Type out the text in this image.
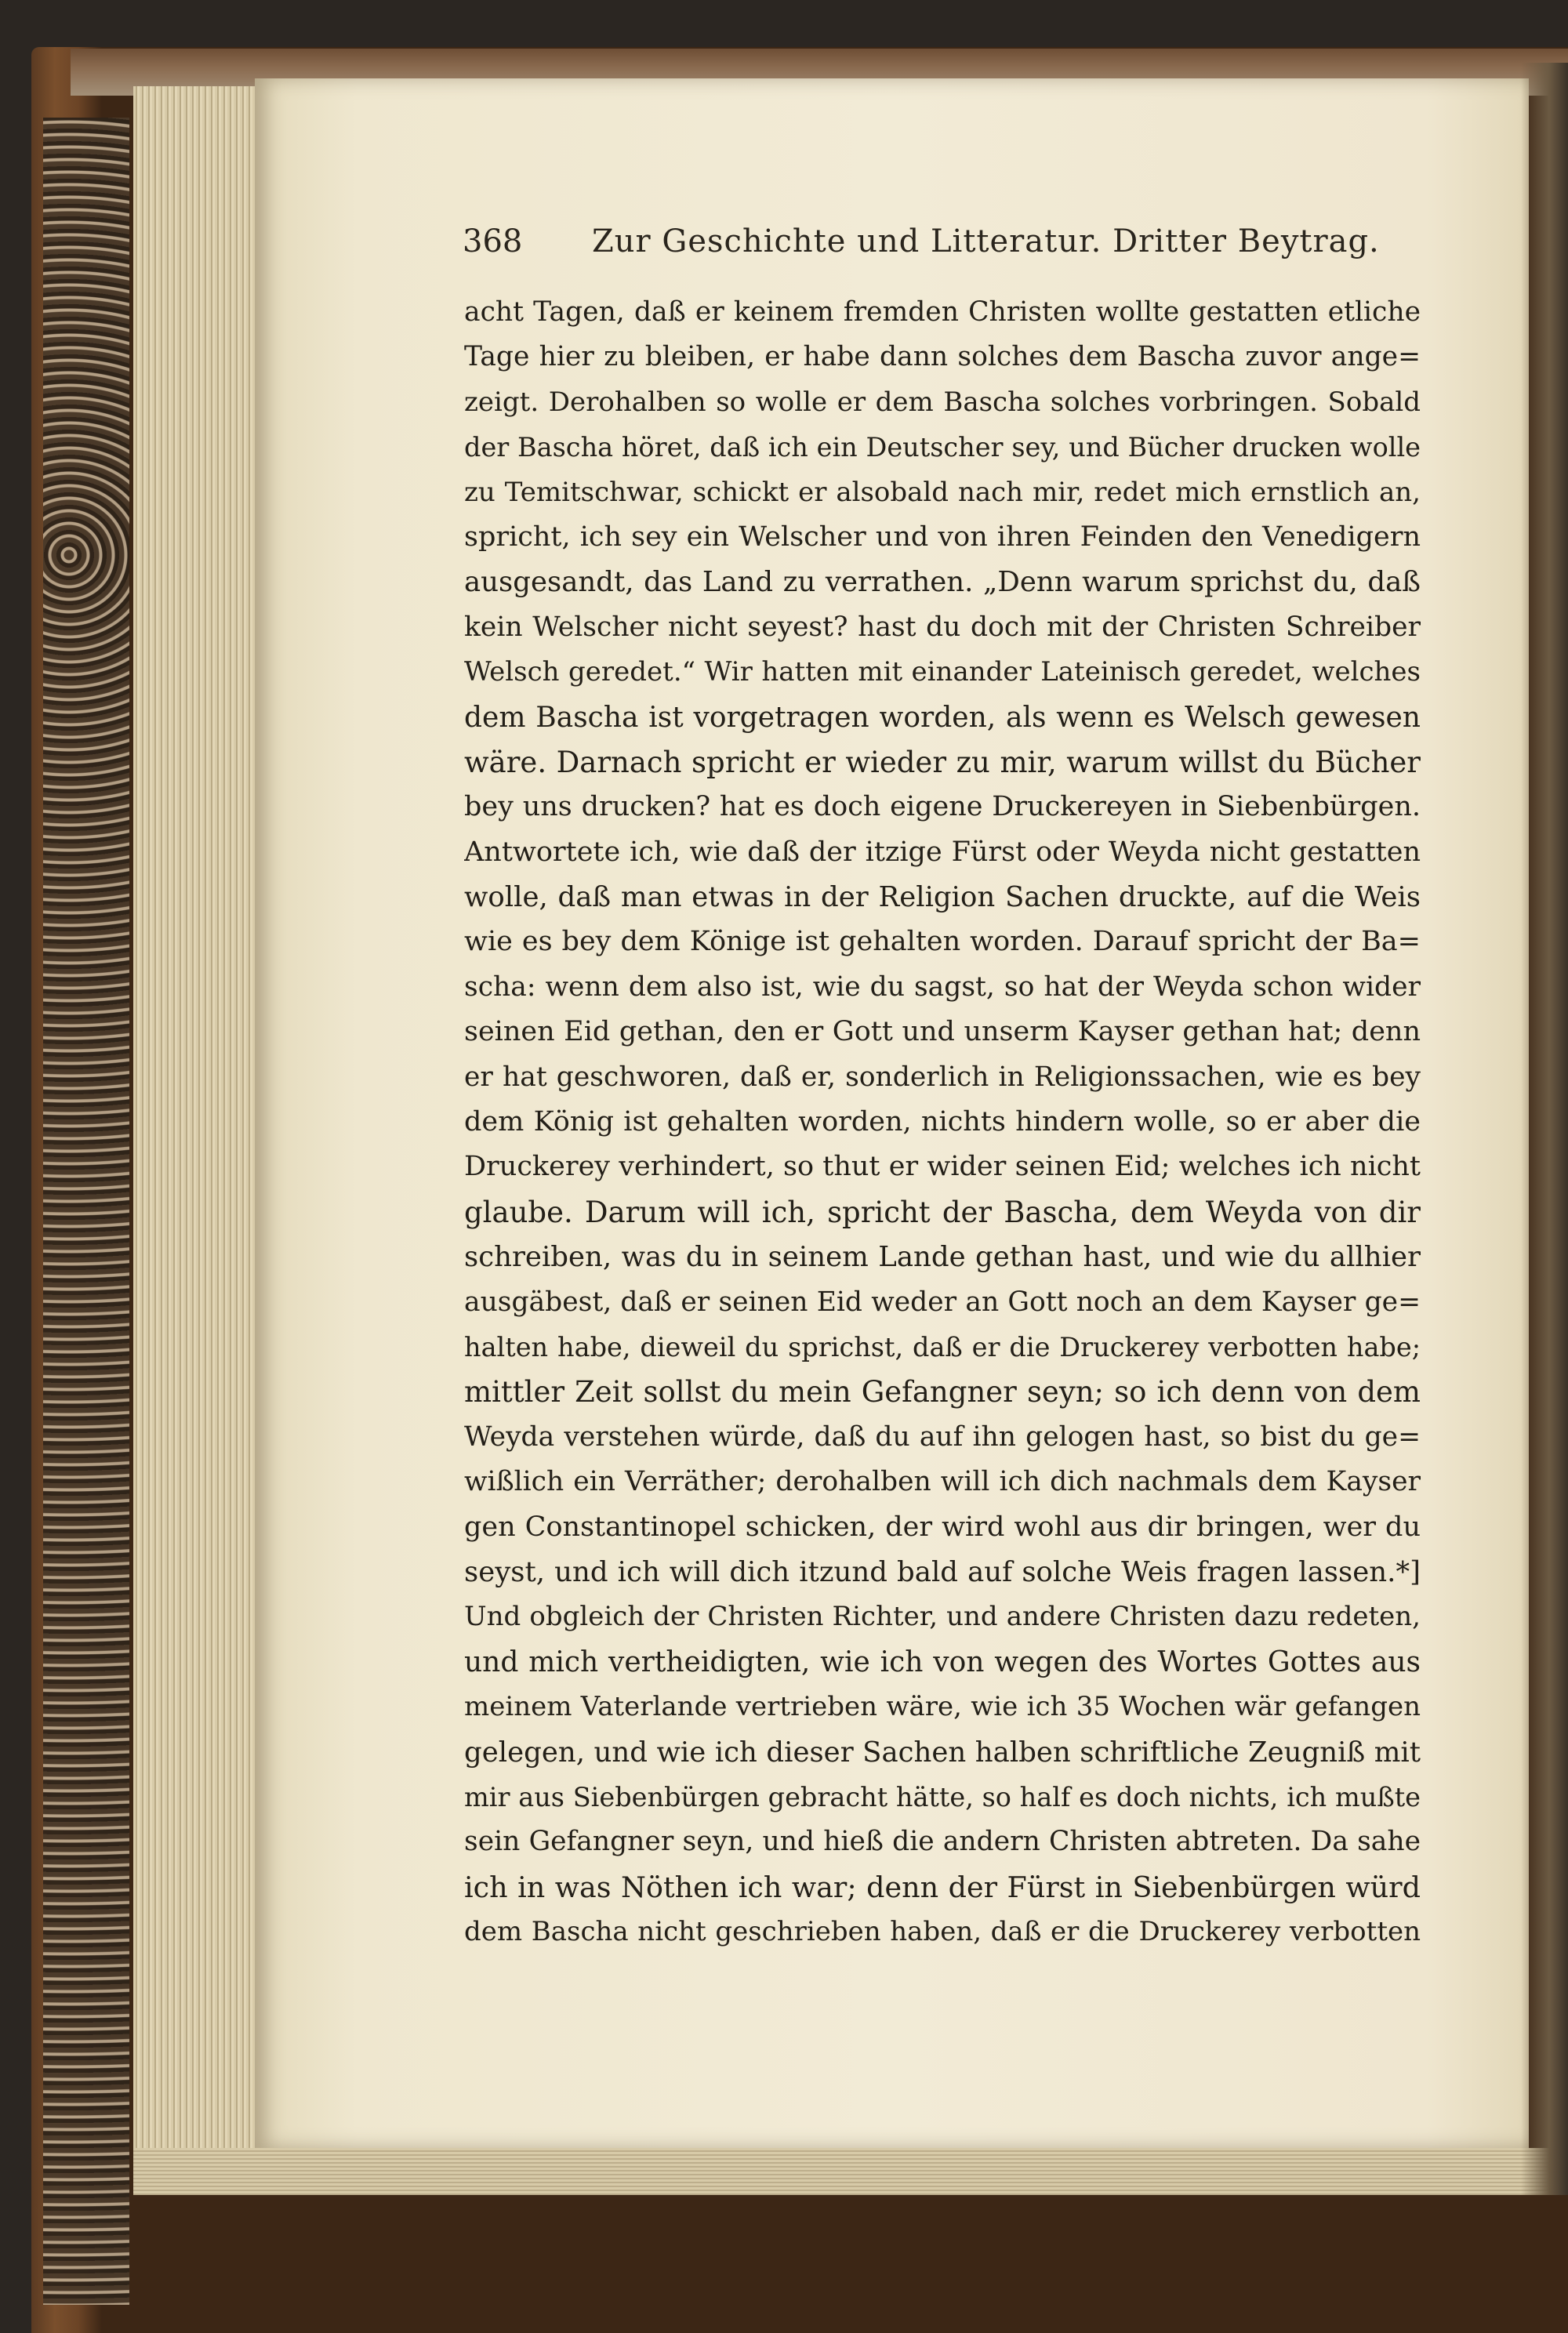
368 Zur Geschichte und Litteratur. Dritter Beytrag.
acht Tagen, daß er keinem fremden Christen wollte gestatten etliche
Tage hier zu bleiben, er habe dann solches dem Bascha zuvor ange=
zeigt. Derohalben so wolle er dem Bascha solches vorbringen. Sobald
der Bascha höret, daß ich ein Deutscher sey, und Bücher drucken wolle
zu Temitschwar, schickt er alsobald nach mir, redet mich ernstlich an,
spricht, ich sey ein Welscher und von ihren Feinden den Venedigern
ausgesandt, das Land zu verrathen. „Denn warum sprichst du, daß
kein Welscher nicht seyest? hast du doch mit der Christen Schreiber
Welsch geredet.“ Wir hatten mit einander Lateinisch geredet, welches
dem Bascha ist vorgetragen worden, als wenn es Welsch gewesen
wäre. Darnach spricht er wieder zu mir, warum willst du Bücher
bey uns drucken? hat es doch eigene Druckereyen in Siebenbürgen.
Antwortete ich, wie daß der itzige Fürst oder Weyda nicht gestatten
wolle, daß man etwas in der Religion Sachen druckte, auf die Weis
wie es bey dem Könige ist gehalten worden. Darauf spricht der Ba=
scha: wenn dem also ist, wie du sagst, so hat der Weyda schon wider
seinen Eid gethan, den er Gott und unserm Kayser gethan hat; denn
er hat geschworen, daß er, sonderlich in Religionssachen, wie es bey
dem König ist gehalten worden, nichts hindern wolle, so er aber die
Druckerey verhindert, so thut er wider seinen Eid; welches ich nicht
glaube. Darum will ich, spricht der Bascha, dem Weyda von dir
schreiben, was du in seinem Lande gethan hast, und wie du allhier
ausgäbest, daß er seinen Eid weder an Gott noch an dem Kayser ge=
halten habe, dieweil du sprichst, daß er die Druckerey verbotten habe;
mittler Zeit sollst du mein Gefangner seyn; so ich denn von dem
Weyda verstehen würde, daß du auf ihn gelogen hast, so bist du ge=
wißlich ein Verräther; derohalben will ich dich nachmals dem Kayser
gen Constantinopel schicken, der wird wohl aus dir bringen, wer du
seyst, und ich will dich itzund bald auf solche Weis fragen lassen.*]
Und obgleich der Christen Richter, und andere Christen dazu redeten,
und mich vertheidigten, wie ich von wegen des Wortes Gottes aus
meinem Vaterlande vertrieben wäre, wie ich 35 Wochen wär gefangen
gelegen, und wie ich dieser Sachen halben schriftliche Zeugniß mit
mir aus Siebenbürgen gebracht hätte, so half es doch nichts, ich mußte
sein Gefangner seyn, und hieß die andern Christen abtreten. Da sahe
ich in was Nöthen ich war; denn der Fürst in Siebenbürgen würd
dem Bascha nicht geschrieben haben, daß er die Druckerey verbotten
